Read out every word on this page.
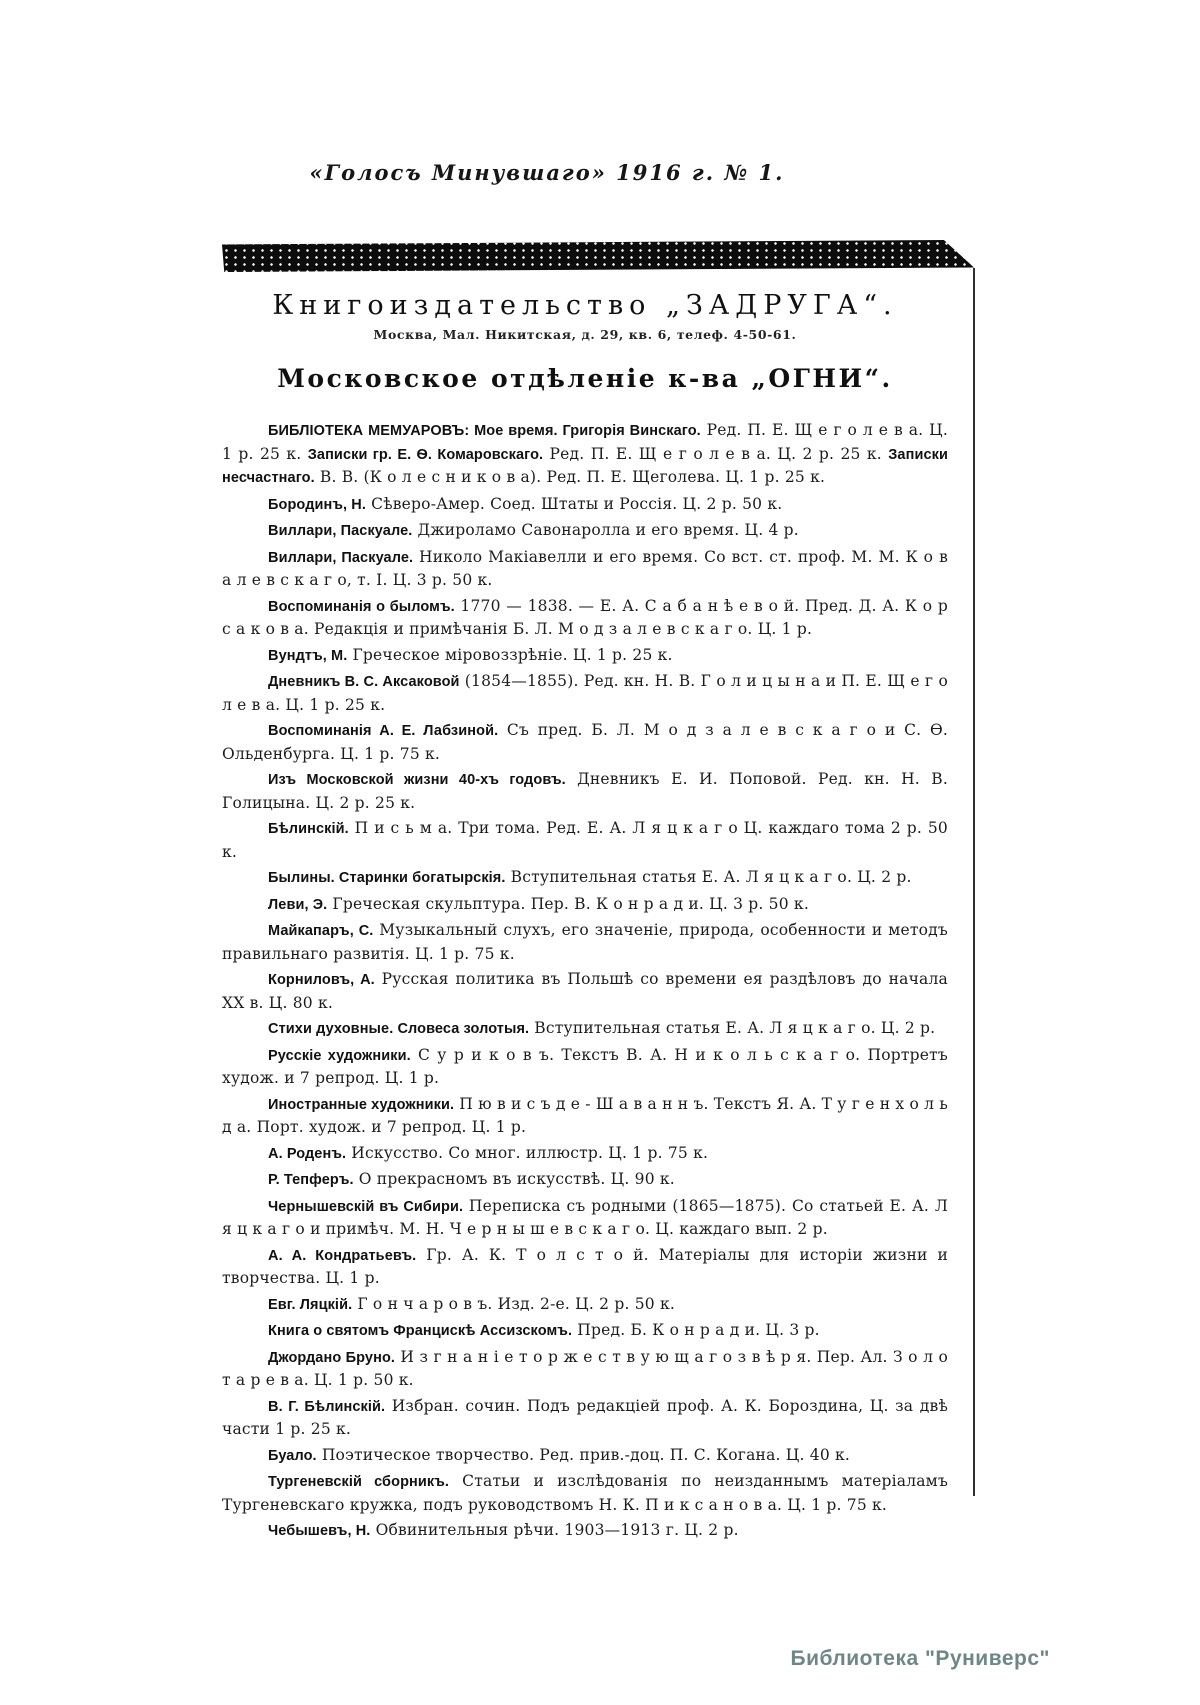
«Голосъ Минувшаго» 1916 г. № 1.
Книгоиздательство „ЗАДРУГА“.
Москва, Мал. Никитская, д. 29, кв. 6, телеф. 4-50-61.
Московское отдѣленіе к-ва „ОГНИ“.

БИБЛІОТЕКА МЕМУАРОВЪ: Мое время. Григорія Винскаго. Ред. П. Е. Щ е г о л е в а. Ц. 1 р. 25 к. Записки гр. Е. Ѳ. Комаровскаго. Ред. П. Е. Щ е г о л е в а. Ц. 2 р. 25 к. Записки несчастнаго. В. В. (К о л е с н и к о в а). Ред. П. Е. Щеголева. Ц. 1 р. 25 к.

Бородинъ, Н. Сѣверо-Амер. Соед. Штаты и Россія. Ц. 2 р. 50 к.

Виллари, Паскуале. Джироламо Савонаролла и его время. Ц. 4 р.

Виллари, Паскуале. Николо Макіавелли и его время. Со вст. ст. проф. М. М. К о в а л е в с к а г о, т. I. Ц. 3 р. 50 к.

Воспоминанія о быломъ. 1770 — 1838. — Е. А. С а б а н ѣ е в о й. Пред. Д. А. К о р с а к о в а. Редакція и примѣчанія Б. Л. М о д з а л е в с к а г о. Ц. 1 р.

Вундтъ, М. Греческое міровоззрѣніе. Ц. 1 р. 25 к.

Дневникъ В. С. Аксаковой (1854—1855). Ред. кн. Н. В. Г о л и ц ы н а и П. Е. Щ е г о л е в а. Ц. 1 р. 25 к.

Воспоминанія А. Е. Лабзиной. Съ пред. Б. Л. М о д з а л е в с к а г о и С. Ѳ. Ольденбурга. Ц. 1 р. 75 к.

Изъ Московской жизни 40-хъ годовъ. Дневникъ Е. И. Поповой. Ред. кн. Н. В. Голицына. Ц. 2 р. 25 к.

Бѣлинскій. П и с ь м а. Три тома. Ред. Е. А. Л я ц к а г о Ц. каждаго тома 2 р. 50 к.

Былины. Старинки богатырскія. Вступительная статья Е. А. Л я ц к а г о. Ц. 2 р.

Леви, Э. Греческая скульптура. Пер. В. К о н р а д и. Ц. 3 р. 50 к.

Майкапаръ, С. Музыкальный слухъ, его значеніе, природа, особенности и методъ правильнаго развитія. Ц. 1 р. 75 к.

Корниловъ, А. Русская политика въ Польшѣ со времени ея раздѣловъ до начала XX в. Ц. 80 к.

Стихи духовные. Словеса золотыя. Вступительная статья Е. А. Л я ц к а г о. Ц. 2 р.

Русскіе художники. С у р и к о в ъ. Текстъ В. А. Н и к о л ь с к а г о. Портретъ худож. и 7 репрод. Ц. 1 р.

Иностранные художники. П ю в и с ъ д е - Ш а в а н н ъ. Текстъ Я. А. Т у г е н х о л ь д а. Порт. худож. и 7 репрод. Ц. 1 р.

А. Роденъ. Искусство. Со мног. иллюстр. Ц. 1 р. 75 к.

Р. Тепферъ. О прекрасномъ въ искусствѣ. Ц. 90 к.

Чернышевскій въ Сибири. Переписка съ родными (1865—1875). Со статьей Е. А. Л я ц к а г о и примѣч. М. Н. Ч е р н ы ш е в с к а г о. Ц. каждаго вып. 2 р.

А. А. Кондратьевъ. Гр. А. К. Т о л с т о й. Матеріалы для исторіи жизни и творчества. Ц. 1 р.

Евг. Ляцкій. Г о н ч а р о в ъ. Изд. 2-е. Ц. 2 р. 50 к.

Книга о святомъ Францискѣ Ассизскомъ. Пред. Б. К о н р а д и. Ц. 3 р.

Джордано Бруно. И з г н а н і е т о р ж е с т в у ю щ а г о з в ѣ р я. Пер. Ал. З о л о т а р е в а. Ц. 1 р. 50 к.

В. Г. Бѣлинскій. Избран. сочин. Подъ редакціей проф. А. К. Бороздина, Ц. за двѣ части 1 р. 25 к.

Буало. Поэтическое творчество. Ред. прив.-доц. П. С. Когана. Ц. 40 к.

Тургеневскій сборникъ. Статьи и изслѣдованія по неизданнымъ матеріаламъ Тургеневскаго кружка, подъ руководствомъ Н. К. П и к с а н о в а. Ц. 1 р. 75 к.

Чебышевъ, Н. Обвинительныя рѣчи. 1903—1913 г. Ц. 2 р.

Библиотека "Руниверс"
